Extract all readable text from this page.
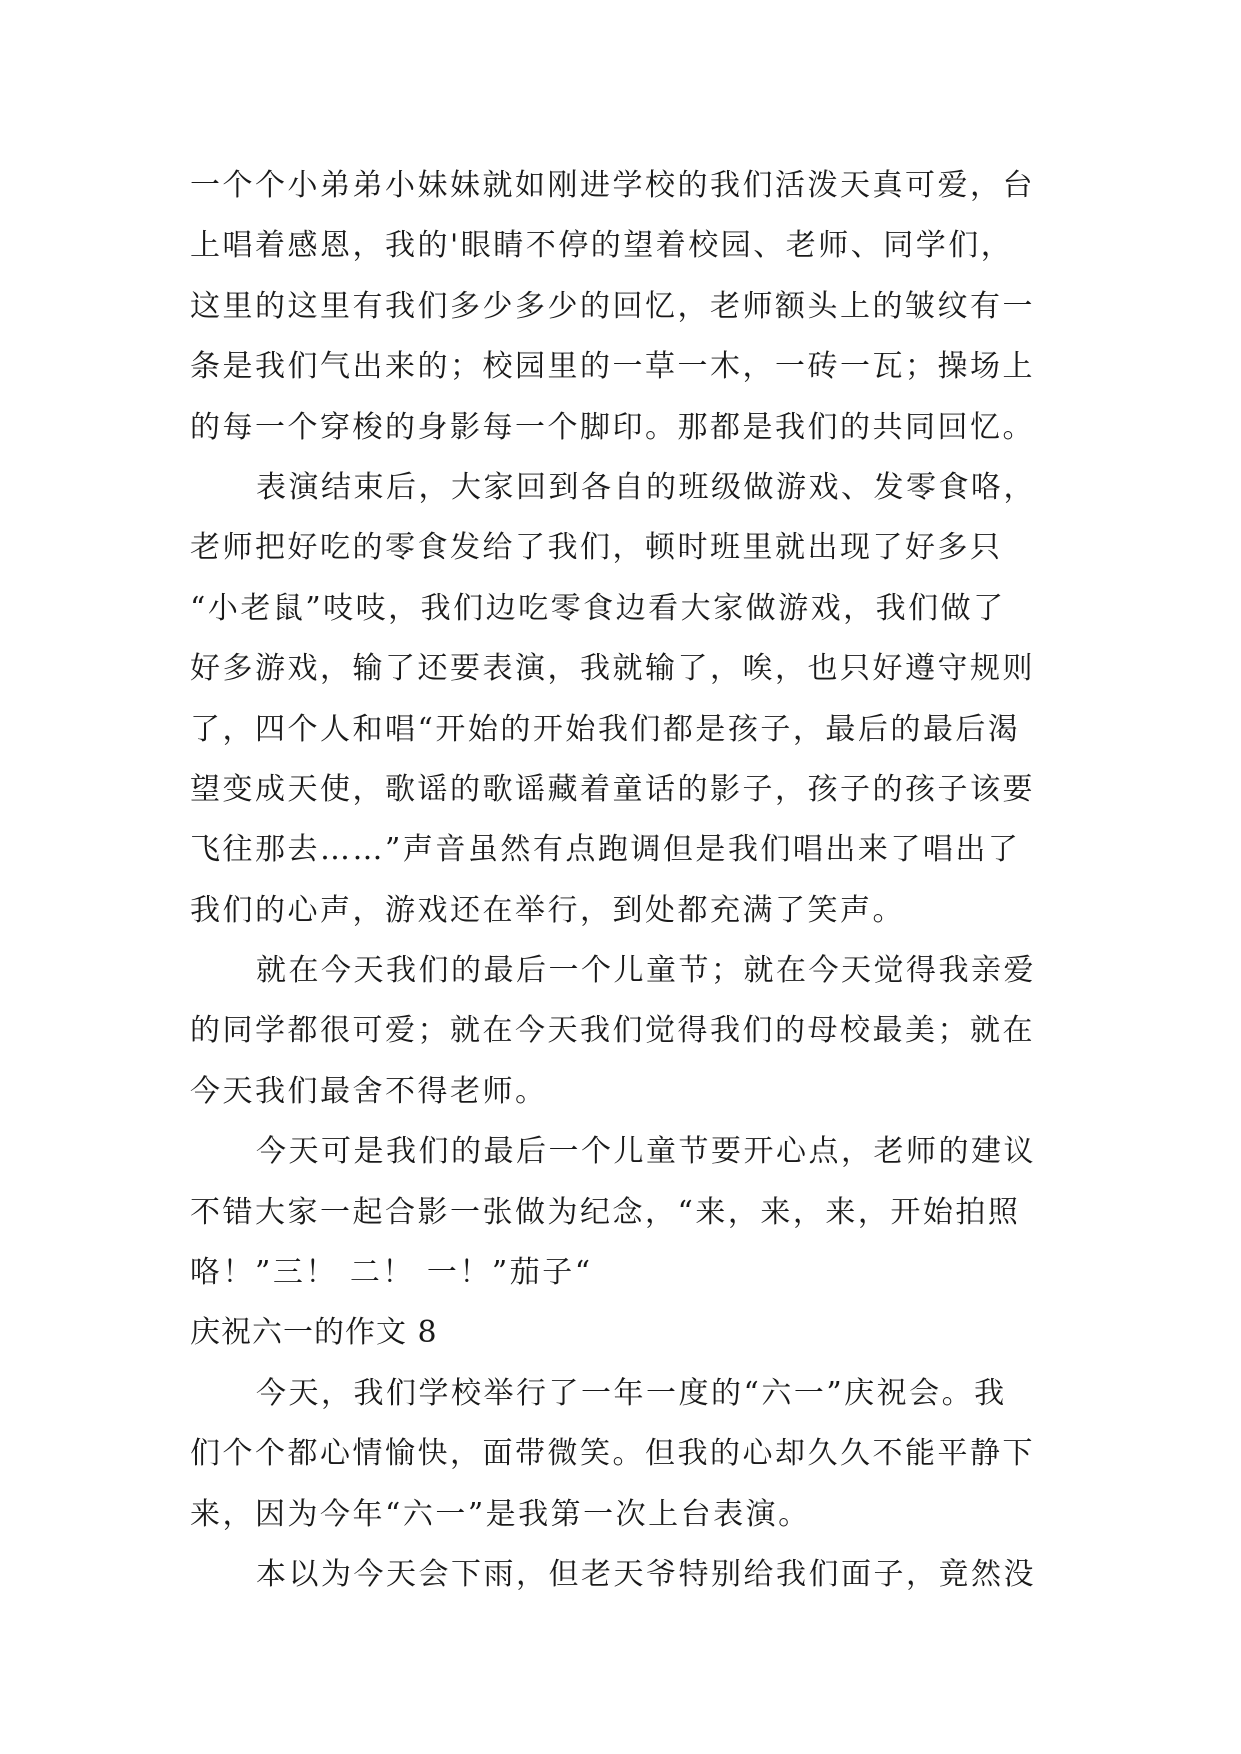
一个个小弟弟小妹妹就如刚进学校的我们活泼天真可爱，台
上唱着感恩，我的'眼睛不停的望着校园、老师、同学们，
这里的这里有我们多少多少的回忆，老师额头上的皱纹有一
条是我们气出来的；校园里的一草一木，一砖一瓦；操场上
的每一个穿梭的身影每一个脚印。那都是我们的共同回忆。
表演结束后，大家回到各自的班级做游戏、发零食咯，
老师把好吃的零食发给了我们，顿时班里就出现了好多只
“小老鼠”吱吱，我们边吃零食边看大家做游戏，我们做了
好多游戏，输了还要表演，我就输了，唉，也只好遵守规则
了，四个人和唱“开始的开始我们都是孩子，最后的最后渴
望变成天使，歌谣的歌谣藏着童话的影子，孩子的孩子该要
飞往那去……”声音虽然有点跑调但是我们唱出来了唱出了
我们的心声，游戏还在举行，到处都充满了笑声。
就在今天我们的最后一个儿童节；就在今天觉得我亲爱
的同学都很可爱；就在今天我们觉得我们的母校最美；就在
今天我们最舍不得老师。
今天可是我们的最后一个儿童节要开心点，老师的建议
不错大家一起合影一张做为纪念，“来，来，来，开始拍照
咯！”三！ 二！ 一！”茄子“
庆祝六一的作文 8
今天，我们学校举行了一年一度的“六一”庆祝会。我
们个个都心情愉快，面带微笑。但我的心却久久不能平静下
来，因为今年“六一”是我第一次上台表演。
本以为今天会下雨，但老天爷特别给我们面子，竟然没
